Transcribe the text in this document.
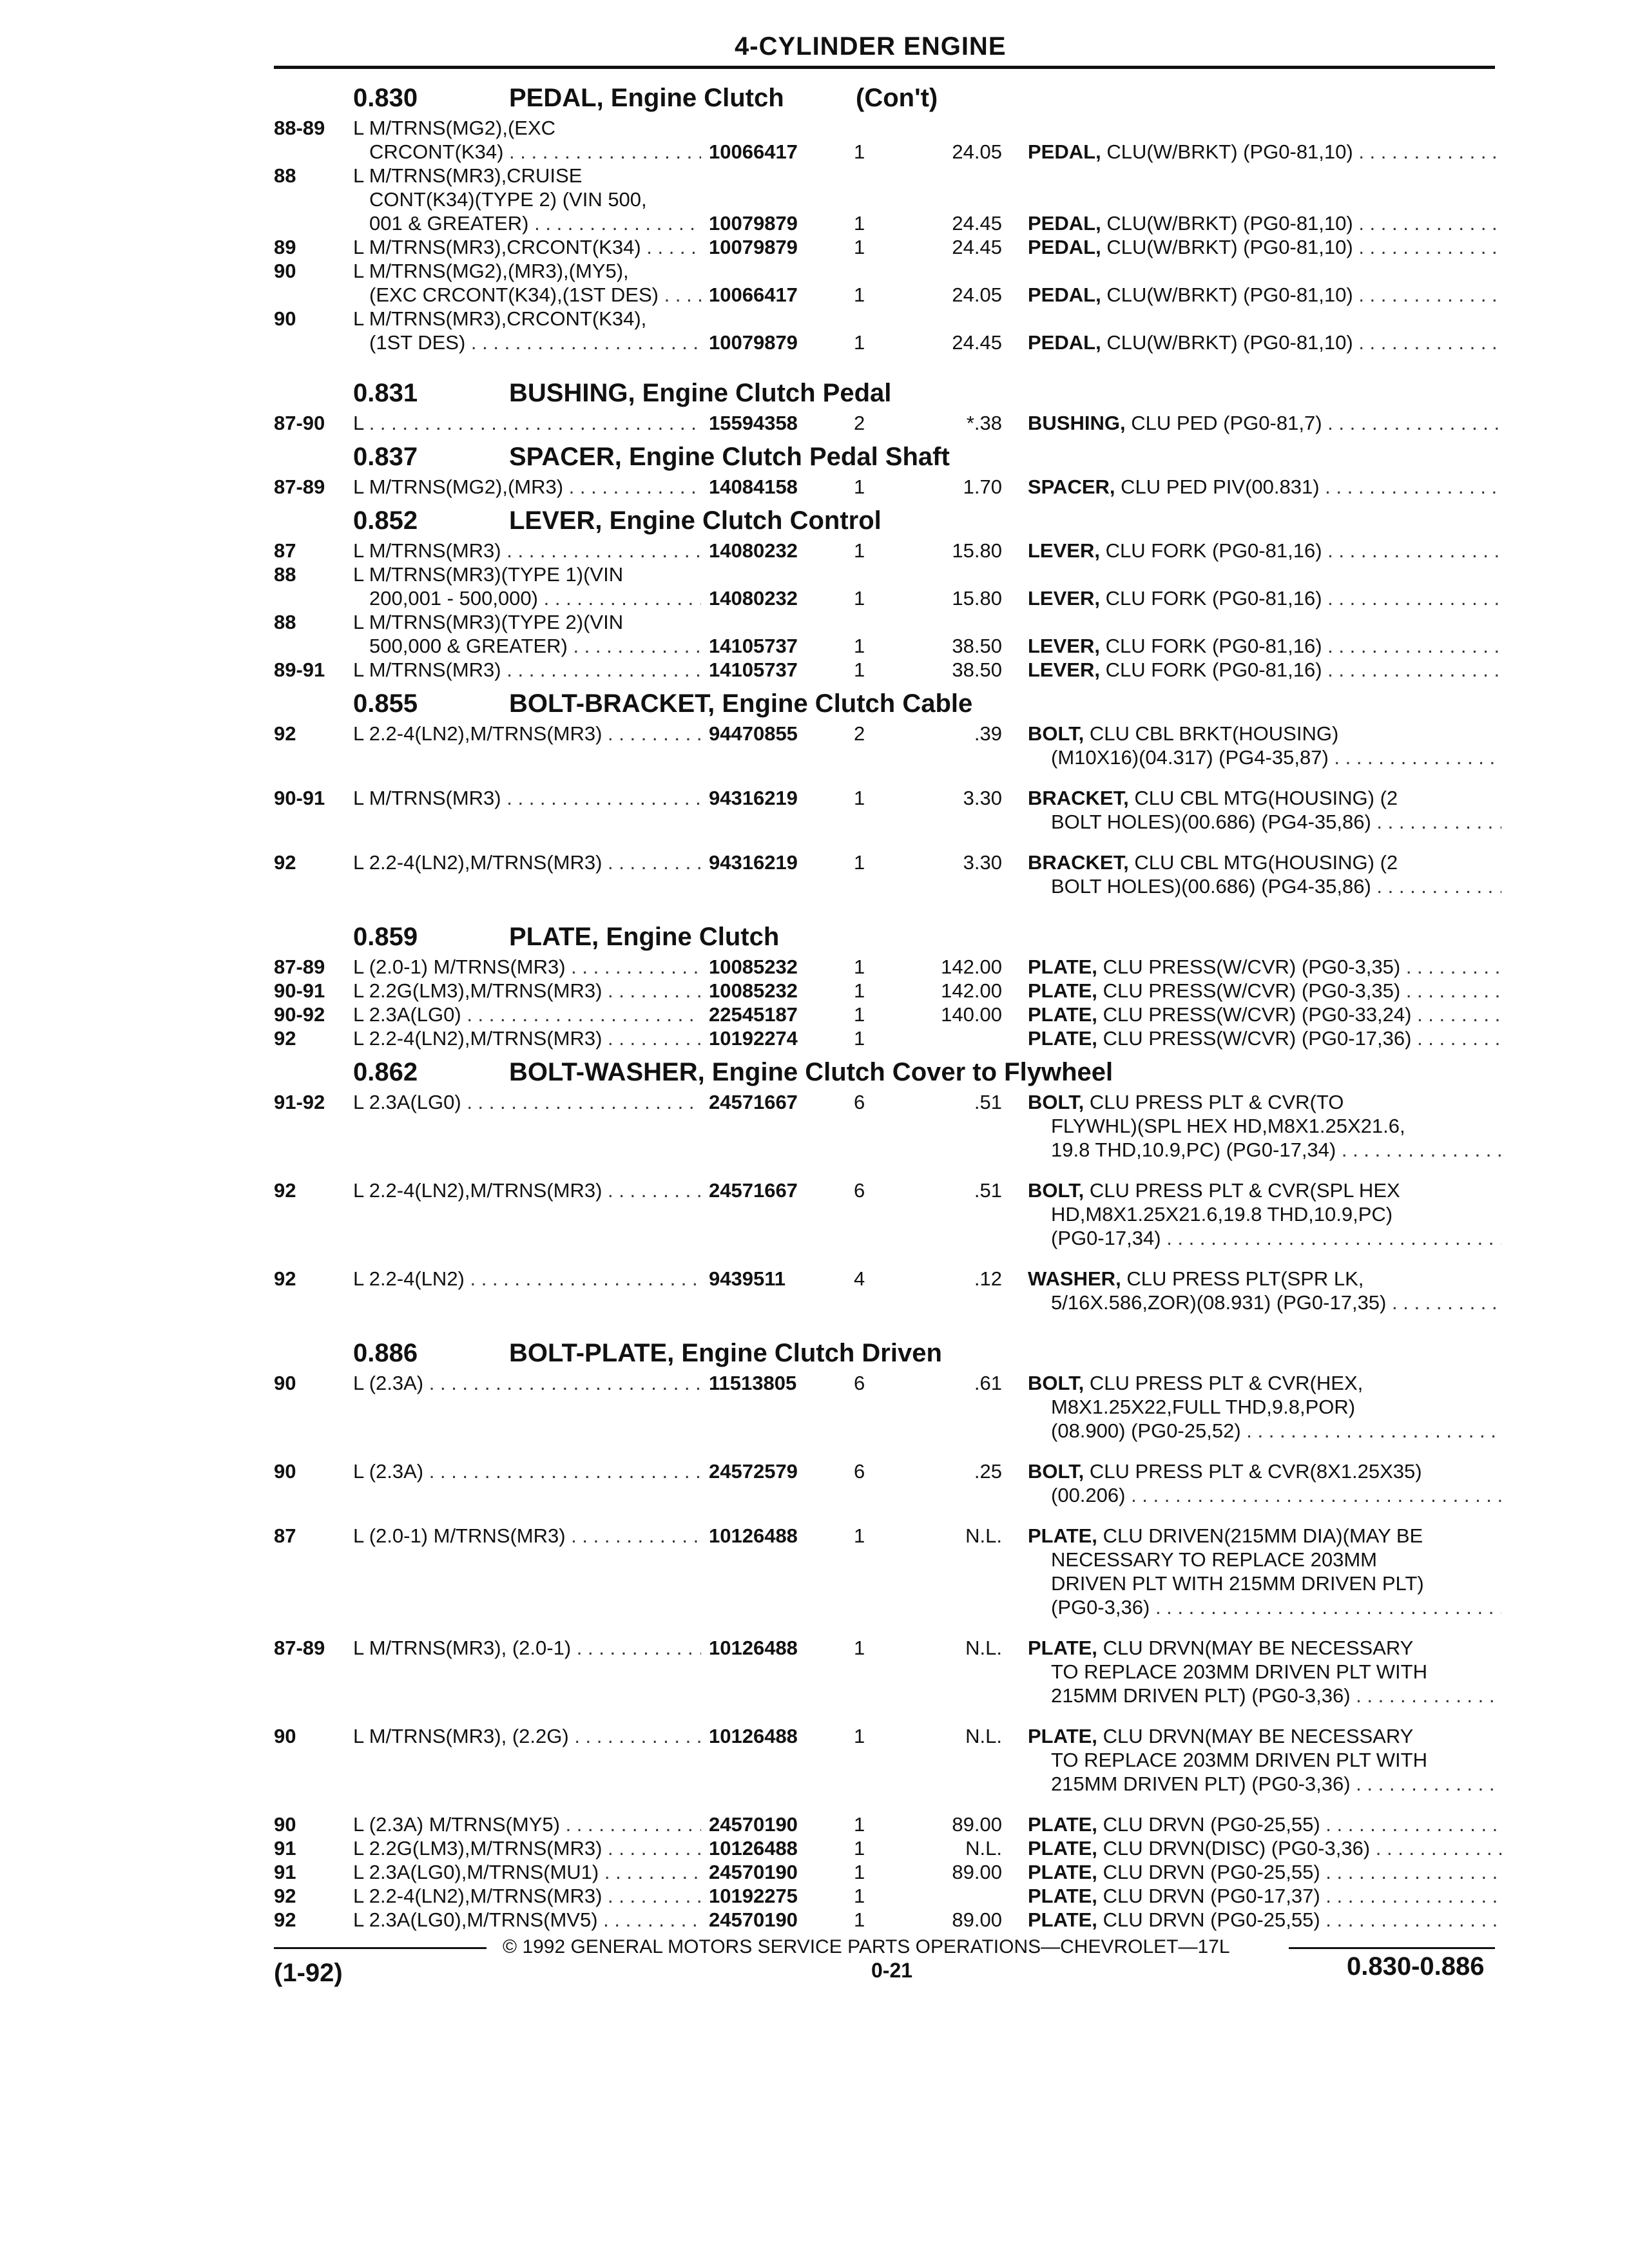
4-CYLINDER ENGINE
0.830	PEDAL, Engine Clutch	(Con't)
88-89 L M/TRNS(MG2),(EXC
CRCONT(K34) . . .	10066417	1	24.05 PEDAL, CLU(W/BRKT) (PG0-81,10) . . .
88	L M/TRNS(MR3),CRUISE
CONT(K34)(TYPE 2) (VIN 500,
001 & GREATER) . . .	10079879	1	24.45 PEDAL, CLU(W/BRKT) (PG0-81,10) . . .
89	L M/TRNS(MR3),CRCONT(K34) . . .	10079879	1	24.45 PEDAL, CLU(W/BRKT) (PG0-81,10) . . .
90	L M/TRNS(MG2),(MR3),(MY5),
(EXC CRCONT(K34),(1ST DES) . . .	10066417	1	24.05 PEDAL, CLU(W/BRKT) (PG0-81,10) . . .
90	L M/TRNS(MR3),CRCONT(K34),
(1ST DES) . . .	10079879	1	24.45 PEDAL, CLU(W/BRKT) (PG0-81,10) . . .
0.831	BUSHING, Engine Clutch Pedal
87-90 L . . .	15594358	2	*.38 BUSHING, CLU PED (PG0-81,7) . . .
0.837	SPACER, Engine Clutch Pedal Shaft
87-89 L M/TRNS(MG2),(MR3) . . .	14084158	1	1.70 SPACER, CLU PED PIV(00.831) . . .
0.852	LEVER, Engine Clutch Control
87	L M/TRNS(MR3) . . .	14080232	1	15.80 LEVER, CLU FORK (PG0-81,16) . . .
88	L M/TRNS(MR3)(TYPE 1)(VIN
200,001 - 500,000) . . .	14080232	1	15.80 LEVER, CLU FORK (PG0-81,16) . . .
88	L M/TRNS(MR3)(TYPE 2)(VIN
500,000 & GREATER) . . .	14105737	1	38.50 LEVER, CLU FORK (PG0-81,16) . . .
89-91 L M/TRNS(MR3) . . .	14105737	1	38.50 LEVER, CLU FORK (PG0-81,16) . . .
0.855	BOLT-BRACKET, Engine Clutch Cable
92	L 2.2-4(LN2),M/TRNS(MR3) . . .
	94470855	2	.39 BOLT, CLU CBL BRKT(HOUSING)
(M10X16)(04.317) (PG4-35,87) . . .
90-91 L M/TRNS(MR3) . . .
	94316219	1	3.30 BRACKET, CLU CBL MTG(HOUSING) (2
BOLT HOLES)(00.686) (PG4-35,86) . . .
92	L 2.2-4(LN2),M/TRNS(MR3) . . .
	94316219	1	3.30 BRACKET, CLU CBL MTG(HOUSING) (2
BOLT HOLES)(00.686) (PG4-35,86) . . .
0.859	PLATE, Engine Clutch
87-89 L (2.0-1) M/TRNS(MR3) . . .	10085232	1	142.00 PLATE, CLU PRESS(W/CVR) (PG0-3,35) . . .
90-91 L 2.2G(LM3),M/TRNS(MR3) . . .	10085232	1	142.00 PLATE, CLU PRESS(W/CVR) (PG0-3,35) . . .
90-92 L 2.3A(LG0) . . .	22545187	1	140.00 PLATE, CLU PRESS(W/CVR) (PG0-33,24) . . .
92	L 2.2-4(LN2),M/TRNS(MR3) . . .	10192274	1	PLATE, CLU PRESS(W/CVR) (PG0-17,36) . . .
0.862	BOLT-WASHER, Engine Clutch Cover to Flywheel
91-92 L 2.3A(LG0) . . .

	24571667	6	.51 BOLT, CLU PRESS PLT & CVR(TO
FLYWHL)(SPL HEX HD,M8X1.25X21.6,
19.8 THD,10.9,PC) (PG0-17,34) . . .
92	L 2.2-4(LN2),M/TRNS(MR3) . . .

	24571667	6	.51 BOLT, CLU PRESS PLT & CVR(SPL HEX
HD,M8X1.25X21.6,19.8 THD,10.9,PC)
(PG0-17,34) . . .
92	L 2.2-4(LN2) . . .
	9439511	4	.12 WASHER, CLU PRESS PLT(SPR LK,
5/16X.586,ZOR)(08.931) (PG0-17,35) . . .
0.886	BOLT-PLATE, Engine Clutch Driven
90	L (2.3A) . . .

	11513805	6	.61 BOLT, CLU PRESS PLT & CVR(HEX,
M8X1.25X22,FULL THD,9.8,POR)
(08.900) (PG0-25,52) . . .
90	L (2.3A) . . .
	24572579	6	.25 BOLT, CLU PRESS PLT & CVR(8X1.25X35)
(00.206) . . .
87	L (2.0-1) M/TRNS(MR3) . . .

	10126488	1	N.L. PLATE, CLU DRIVEN(215MM DIA)(MAY BE
NECESSARY TO REPLACE 203MM
DRIVEN PLT WITH 215MM DRIVEN PLT)
(PG0-3,36) . . .
87-89 L M/TRNS(MR3), (2.0-1) . . .

	10126488	1	N.L. PLATE, CLU DRVN(MAY BE NECESSARY
TO REPLACE 203MM DRIVEN PLT WITH
215MM DRIVEN PLT) (PG0-3,36) . . .
90	L M/TRNS(MR3), (2.2G) . . .

	10126488	1	N.L. PLATE, CLU DRVN(MAY BE NECESSARY
TO REPLACE 203MM DRIVEN PLT WITH
215MM DRIVEN PLT) (PG0-3,36) . . .
90	L (2.3A) M/TRNS(MY5) . . .	24570190	1	89.00 PLATE, CLU DRVN (PG0-25,55) . . .
91	L 2.2G(LM3),M/TRNS(MR3) . . .	10126488	1	N.L. PLATE, CLU DRVN(DISC) (PG0-3,36) . . .
91	L 2.3A(LG0),M/TRNS(MU1) . . .	24570190	1	89.00 PLATE, CLU DRVN (PG0-25,55) . . .
92	L 2.2-4(LN2),M/TRNS(MR3) . . .	10192275	1	PLATE, CLU DRVN (PG0-17,37) . . .
92	L 2.3A(LG0),M/TRNS(MV5) . . .	24570190	1	89.00 PLATE, CLU DRVN (PG0-25,55) . . .
© 1992 GENERAL MOTORS SERVICE PARTS OPERATIONS—CHEVROLET—17L
(1-92)	0-21	0.830-0.886
